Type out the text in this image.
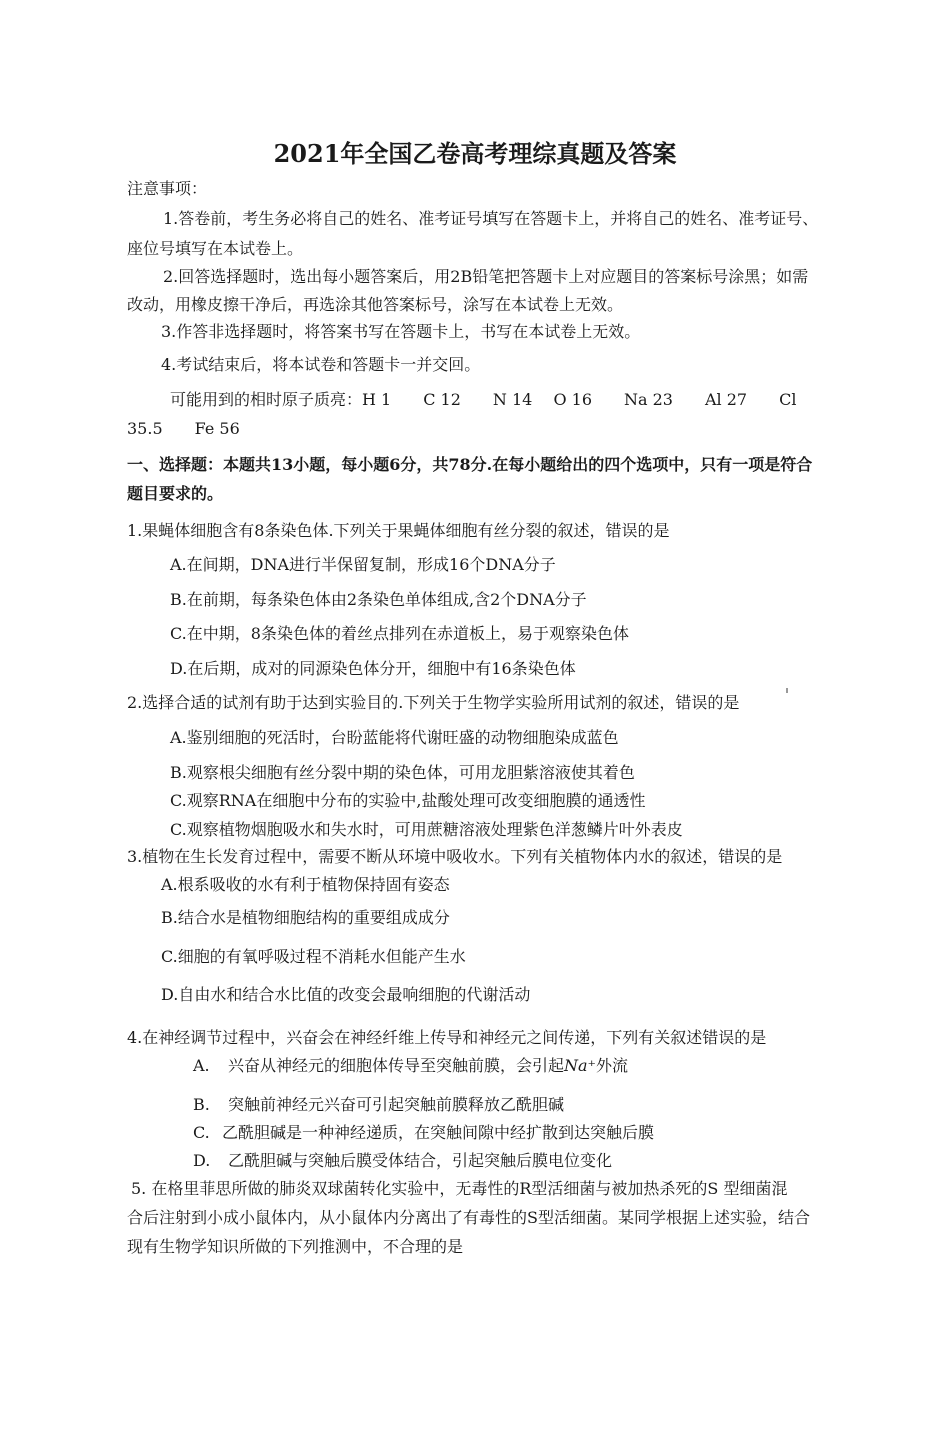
2021年全国乙卷高考理综真题及答案
注意事项：
1.答卷前，考生务必将自己的姓名、准考证号填写在答题卡上，并将自己的姓名、准考证号、
座位号填写在本试卷上。
2.回答选择题时，选出每小题答案后，用2B铅笔把答题卡上对应题目的答案标号涂黑；如需
改动，用橡皮擦干净后，再选涂其他答案标号，涂写在本试卷上无效。
3.作答非选择题时，将答案书写在答题卡上，书写在本试卷上无效。
4.考试结束后，将本试卷和答题卡一并交回。
可能用到的相时原子质亮：H 1　　C 12　　N 14　 O 16　　Na 23　　Al 27　　Cl
35.5　　Fe 56
一、选择题：本题共13小题，每小题6分，共78分.在每小题给出的四个选项中，只有一项是符合
题目要求的。
1.果蝇体细胞含有8条染色体.下列关于果蝇体细胞有丝分裂的叙述，错误的是
A.在间期，DNA进行半保留复制，形成16个DNA分子
B.在前期，每条染色体由2条染色单体组成,含2个DNA分子
C.在中期，8条染色体的着丝点排列在赤道板上，易于观察染色体
D.在后期，成对的同源染色体分开，细胞中有16条染色体
2.选择合适的试剂有助于达到实验目的.下列关于生物学实验所用试剂的叙述，错误的是
A.鉴别细胞的死活时，台盼蓝能将代谢旺盛的动物细胞染成蓝色
B.观察根尖细胞有丝分裂中期的染色体，可用龙胆紫溶液使其着色
C.观察RNA在细胞中分布的实验中,盐酸处理可改变细胞膜的通透性
C.观察植物烟胞吸水和失水时，可用蔗糖溶液处理紫色洋葱鳞片叶外表皮
3.植物在生长发育过程中，需要不断从环境中吸收水。下列有关植物体内水的叙述，错误的是
A.根系吸收的水有利于植物保持固有姿态
B.结合水是植物细胞结构的重要组成成分
C.细胞的有氧呼吸过程不消耗水但能产生水
D.自由水和结合水比值的改变会最响细胞的代谢活动
4.在神经调节过程中，兴奋会在神经纤维上传导和神经元之间传递，下列有关叙述错误的是
A. 兴奋从神经元的细胞体传导至突触前膜，会引起Na⁺外流
B. 突触前神经元兴奋可引起突触前膜释放乙酰胆碱
C. 乙酰胆碱是一种神经递质，在突触间隙中经扩散到达突触后膜
D. 乙酰胆碱与突触后膜受体结合，引起突触后膜电位变化
5. 在格里菲思所做的肺炎双球菌转化实验中，无毒性的R型活细菌与被加热杀死的S 型细菌混
合后注射到小成小鼠体内，从小鼠体内分离出了有毒性的S型活细菌。某同学根据上述实验，结合
现有生物学知识所做的下列推测中，不合理的是
